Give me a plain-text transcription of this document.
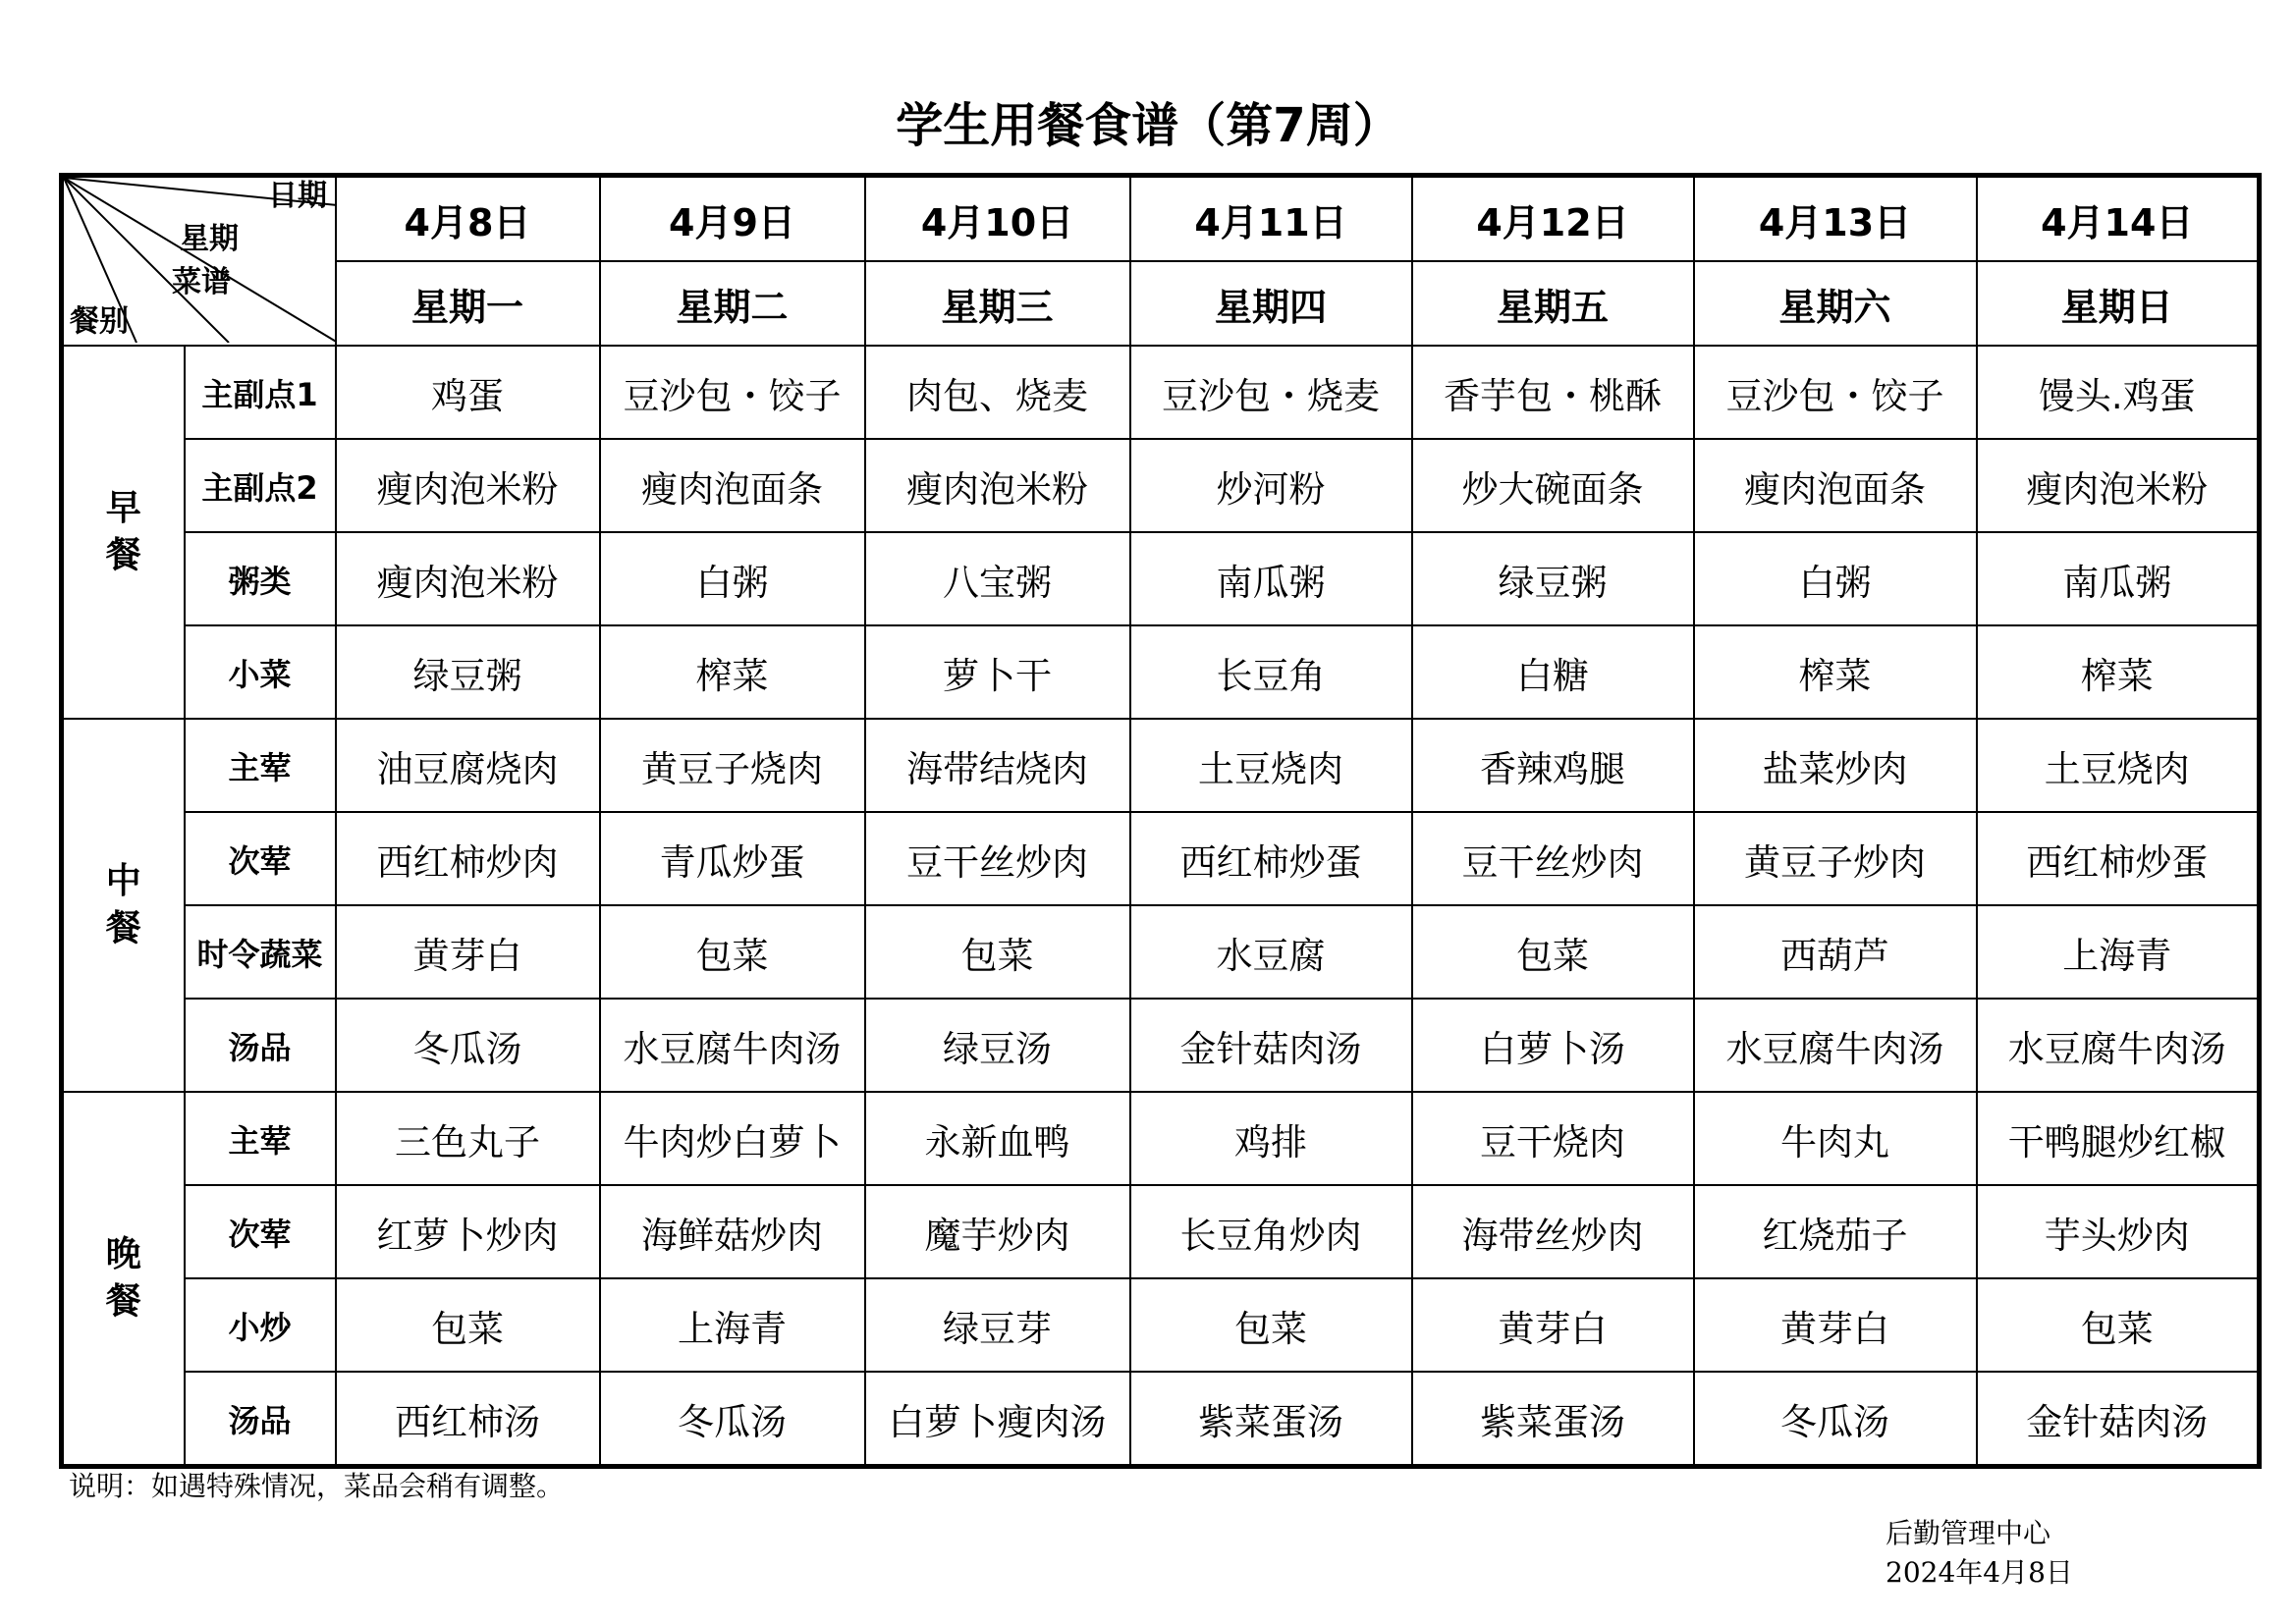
学生用餐食谱（第7周）
日期
星期
菜谱
餐别		4月8日	4月9日	4月10日	4月11日	4月12日	4月13日	4月14日
		星期一	星期二	星期三	星期四	星期五	星期六	星期日
早
餐	主副点1	鸡蛋	豆沙包・饺子	肉包、烧麦	豆沙包・烧麦	香芋包・桃酥	豆沙包・饺子	馒头.鸡蛋
	主副点2	瘦肉泡米粉	瘦肉泡面条	瘦肉泡米粉	炒河粉	炒大碗面条	瘦肉泡面条	瘦肉泡米粉
	粥类	瘦肉泡米粉	白粥	八宝粥	南瓜粥	绿豆粥	白粥	南瓜粥
	小菜	绿豆粥	榨菜	萝卜干	长豆角	白糖	榨菜	榨菜
中
餐	主荤	油豆腐烧肉	黄豆子烧肉	海带结烧肉	土豆烧肉	香辣鸡腿	盐菜炒肉	土豆烧肉
	次荤	西红柿炒肉	青瓜炒蛋	豆干丝炒肉	西红柿炒蛋	豆干丝炒肉	黄豆子炒肉	西红柿炒蛋
	时令蔬菜	黄芽白	包菜	包菜	水豆腐	包菜	西葫芦	上海青
	汤品	冬瓜汤	水豆腐牛肉汤	绿豆汤	金针菇肉汤	白萝卜汤	水豆腐牛肉汤	水豆腐牛肉汤
晚
餐	主荤	三色丸子	牛肉炒白萝卜	永新血鸭	鸡排	豆干烧肉	牛肉丸	干鸭腿炒红椒
	次荤	红萝卜炒肉	海鲜菇炒肉	魔芋炒肉	长豆角炒肉	海带丝炒肉	红烧茄子	芋头炒肉
	小炒	包菜	上海青	绿豆芽	包菜	黄芽白	黄芽白	包菜
	汤品	西红柿汤	冬瓜汤	白萝卜瘦肉汤	紫菜蛋汤	紫菜蛋汤	冬瓜汤	金针菇肉汤
说明：如遇特殊情况，菜品会稍有调整。
后勤管理中心
2024年4月8日
